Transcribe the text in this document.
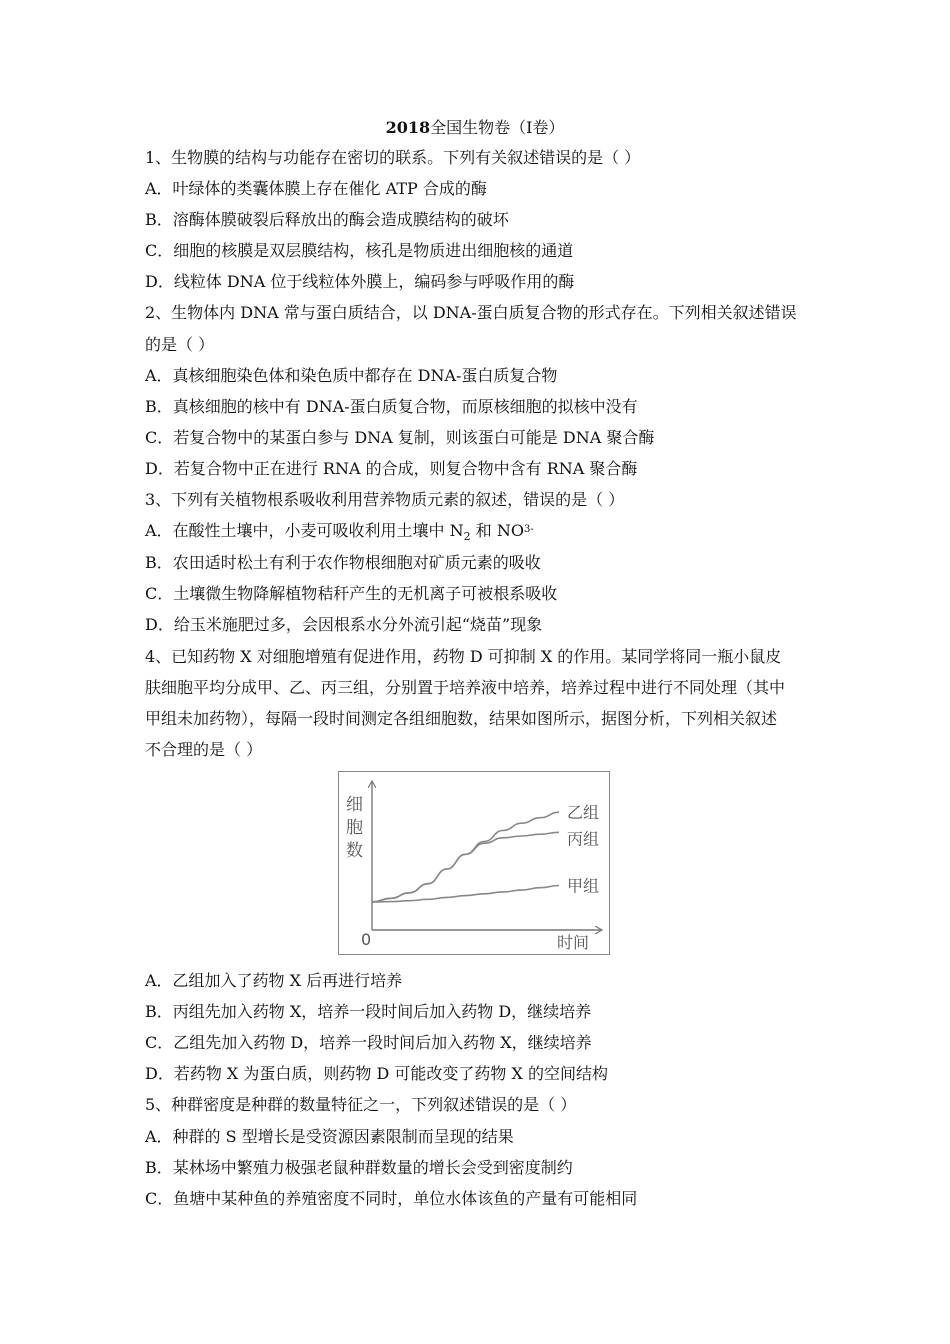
2018全国生物卷（Ⅰ卷）
1、生物膜的结构与功能存在密切的联系。下列有关叙述错误的是（ ）
A．叶绿体的类囊体膜上存在催化 ATP 合成的酶
B．溶酶体膜破裂后释放出的酶会造成膜结构的破坏
C．细胞的核膜是双层膜结构，核孔是物质进出细胞核的通道
D．线粒体 DNA 位于线粒体外膜上，编码参与呼吸作用的酶
2、生物体内 DNA 常与蛋白质结合，以 DNA-蛋白质复合物的形式存在。下列相关叙述错误
的是（ ）
A．真核细胞染色体和染色质中都存在 DNA-蛋白质复合物
B．真核细胞的核中有 DNA-蛋白质复合物，而原核细胞的拟核中没有
C．若复合物中的某蛋白参与 DNA 复制，则该蛋白可能是 DNA 聚合酶
D．若复合物中正在进行 RNA 的合成，则复合物中含有 RNA 聚合酶
3、下列有关植物根系吸收利用营养物质元素的叙述，错误的是（ ）
A．在酸性土壤中，小麦可吸收利用土壤中 $N_2$ 和 $NO^{3-}$
B．农田适时松土有利于农作物根细胞对矿质元素的吸收
C．土壤微生物降解植物秸秆产生的无机离子可被根系吸收
D．给玉米施肥过多，会因根系水分外流引起“烧苗”现象
4、已知药物 X 对细胞增殖有促进作用，药物 D 可抑制 X 的作用。某同学将同一瓶小鼠皮
肤细胞平均分成甲、乙、丙三组，分别置于培养液中培养，培养过程中进行不同处理（其中
甲组未加药物），每隔一段时间测定各组细胞数，结果如图所示，据图分析，下列相关叙述
不合理的是（ ）
细
胞
数
0	时间
乙组
丙组
甲组
A．乙组加入了药物 X 后再进行培养
B．丙组先加入药物 X，培养一段时间后加入药物 D，继续培养
C．乙组先加入药物 D，培养一段时间后加入药物 X，继续培养
D．若药物 X 为蛋白质，则药物 D 可能改变了药物 X 的空间结构
5、种群密度是种群的数量特征之一，下列叙述错误的是（ ）
A．种群的 S 型增长是受资源因素限制而呈现的结果
B．某林场中繁殖力极强老鼠种群数量的增长会受到密度制约
C．鱼塘中某种鱼的养殖密度不同时，单位水体该鱼的产量有可能相同
